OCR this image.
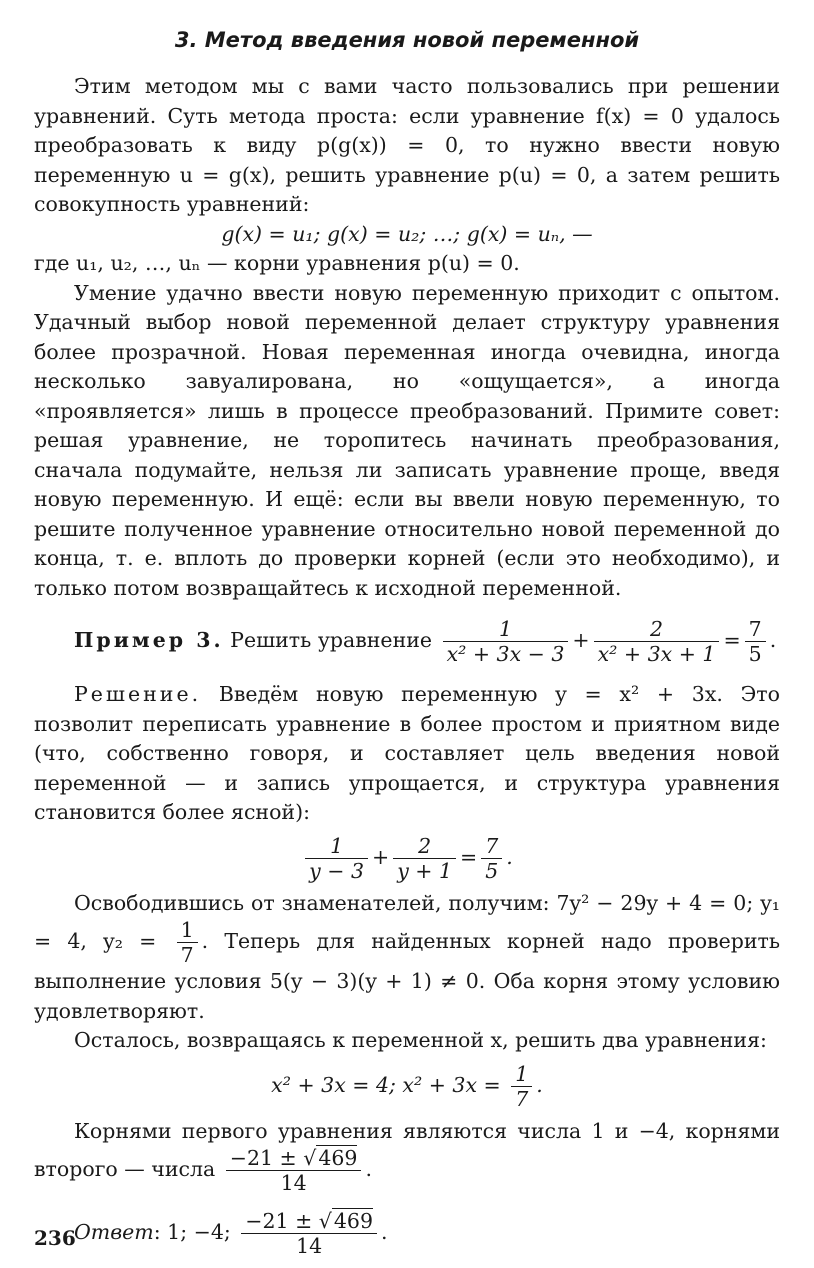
3. Метод введения новой переменной

Этим методом мы с вами часто пользовались при решении уравнений. Суть метода проста: если уравнение f(x) = 0 удалось преобразовать к виду p(g(x)) = 0, то нужно ввести новую переменную u = g(x), решить уравнение p(u) = 0, а затем решить совокупность уравнений:

g(x) = u₁; g(x) = u₂; …; g(x) = uₙ, —

где u₁, u₂, …, uₙ — корни уравнения p(u) = 0.

Умение удачно ввести новую переменную приходит с опытом. Удачный выбор новой переменной делает структуру уравнения более прозрачной. Новая переменная иногда очевидна, иногда несколько завуалирована, но «ощущается», а иногда «проявляется» лишь в процессе преобразований. Примите совет: решая уравнение, не торопитесь начинать преобразования, сначала подумайте, нельзя ли записать уравнение проще, введя новую переменную. И ещё: если вы ввели новую переменную, то решите полученное уравнение относительно новой переменной до конца, т. е. вплоть до проверки корней (если это необходимо), и только потом возвращайтесь к исходной переменной.

Пример 3. Решить уравнение $\frac{1}{\text{x² + 3x − 3}} + \frac{2}{\text{x² + 3x + 1}} = \frac{7}{5}$ .

Решение. Введём новую переменную y = x² + 3x. Это позволит переписать уравнение в более простом и приятном виде (что, собственно говоря, и составляет цель введения новой переменной — и запись упрощается, и структура уравнения становится более ясной):

$\frac{1}{y - 3} + \frac{2}{y + 1} = \frac{7}{5}$ .

Освободившись от знаменателей, получим: 7y² − 29y + 4 = 0; y₁ = 4, $y_2 = \frac{1}{7}$ . Теперь для найденных корней надо проверить выполнение условия 5(y − 3)(y + 1) ≠ 0. Оба корня этому условию удовлетворяют.

Осталось, возвращаясь к переменной x, решить два уравнения:

x² + 3x = 4; $x^2 + 3x = \frac{1}{7}$ .

Корнями первого уравнения являются числа 1 и −4, корнями второго — числа $\frac{-21 \pm √469}{14}$ .

Ответ: 1; −4; $\frac{-21 \pm √469}{14}$ .

236
